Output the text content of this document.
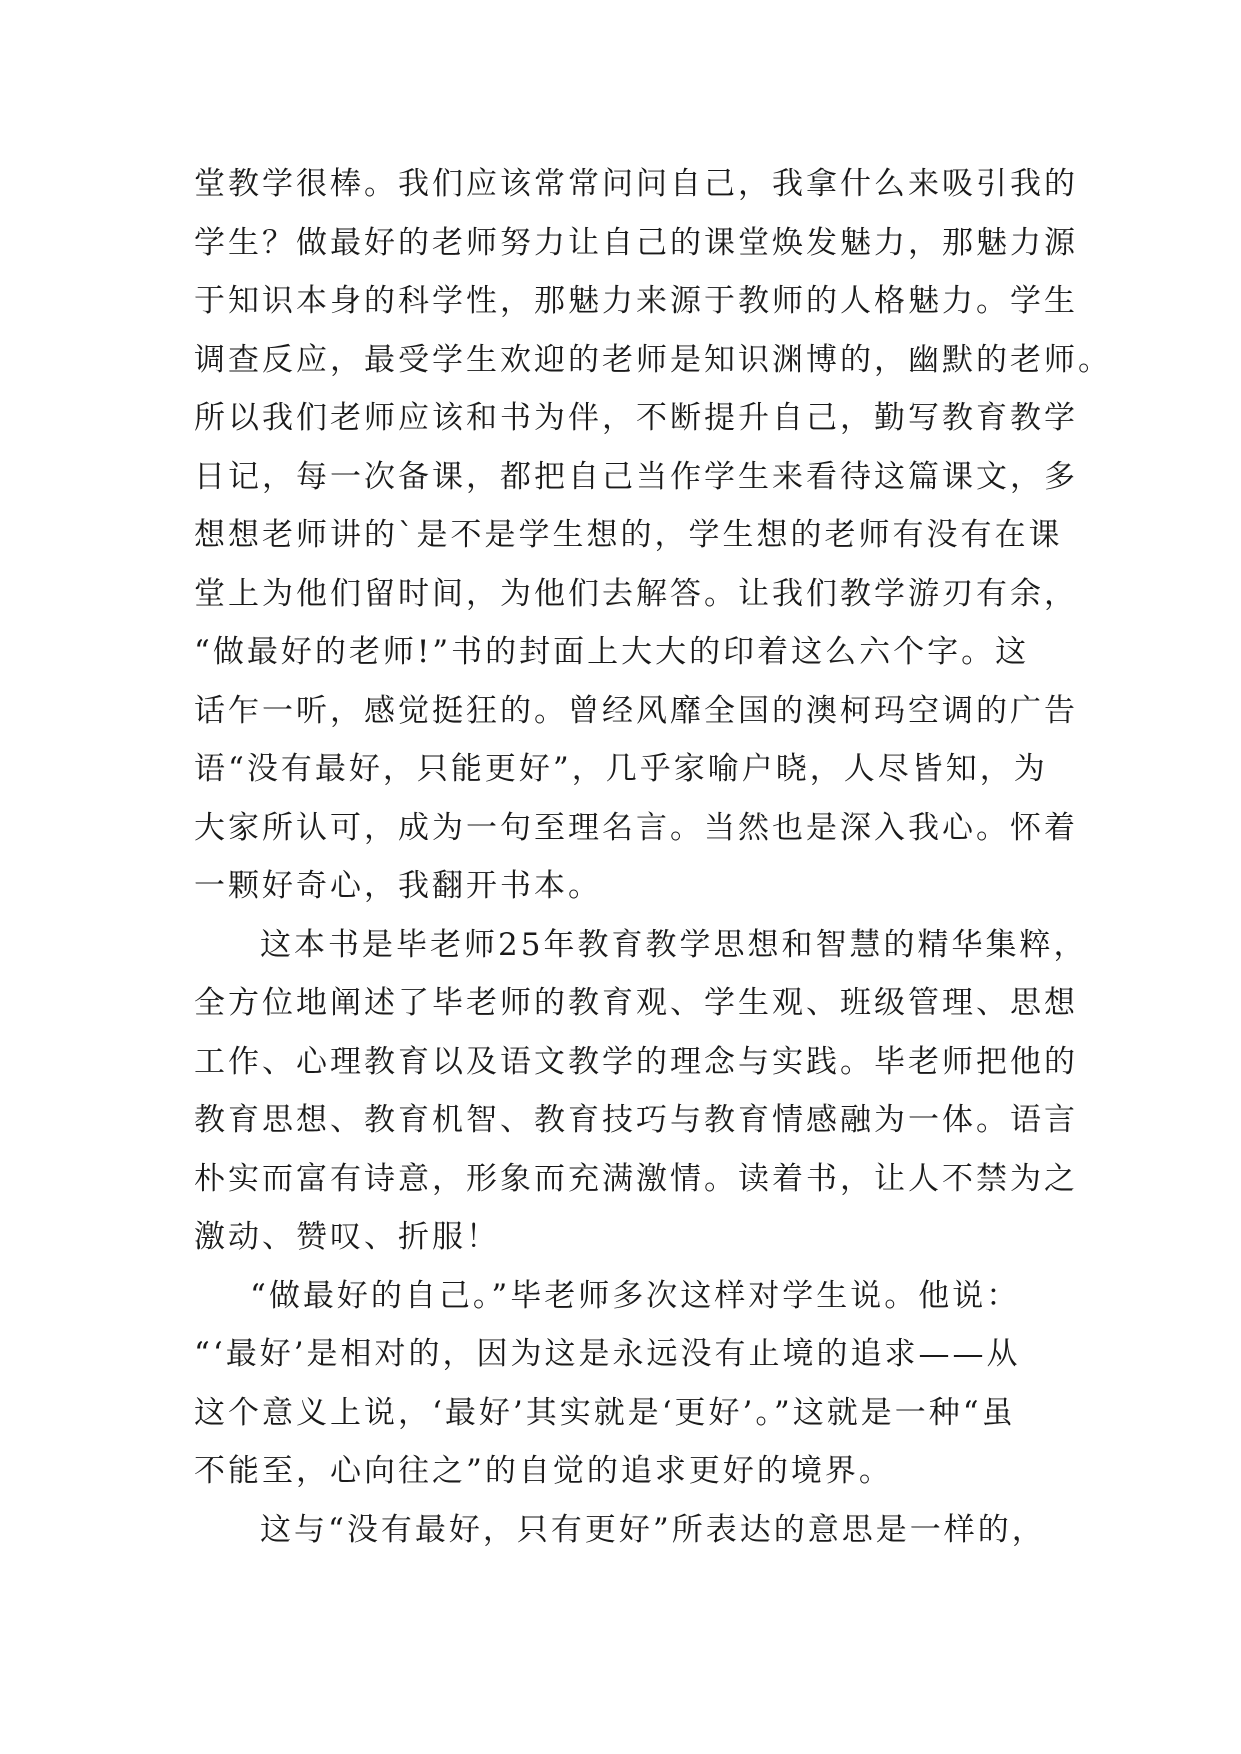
堂教学很棒。我们应该常常问问自己，我拿什么来吸引我的
学生？做最好的老师努力让自己的课堂焕发魅力，那魅力源
于知识本身的科学性，那魅力来源于教师的人格魅力。学生
调查反应，最受学生欢迎的老师是知识渊博的，幽默的老师。
所以我们老师应该和书为伴，不断提升自己，勤写教育教学
日记，每一次备课，都把自己当作学生来看待这篇课文，多
想想老师讲的`是不是学生想的，学生想的老师有没有在课
堂上为他们留时间，为他们去解答。让我们教学游刃有余，
“做最好的老师!”书的封面上大大的印着这么六个字。这
话乍一听，感觉挺狂的。曾经风靡全国的澳柯玛空调的广告
语“没有最好，只能更好”，几乎家喻户晓，人尽皆知，为
大家所认可，成为一句至理名言。当然也是深入我心。怀着
一颗好奇心，我翻开书本。
这本书是毕老师25年教育教学思想和智慧的精华集粹，
全方位地阐述了毕老师的教育观、学生观、班级管理、思想
工作、心理教育以及语文教学的理念与实践。毕老师把他的
教育思想、教育机智、教育技巧与教育情感融为一体。语言
朴实而富有诗意，形象而充满激情。读着书，让人不禁为之
激动、赞叹、折服！
“做最好的自己。”毕老师多次这样对学生说。他说：
“‘最好’是相对的，因为这是永远没有止境的追求——从
这个意义上说，‘最好’其实就是‘更好’。”这就是一种“虽
不能至，心向往之”的自觉的追求更好的境界。
这与“没有最好，只有更好”所表达的意思是一样的，
